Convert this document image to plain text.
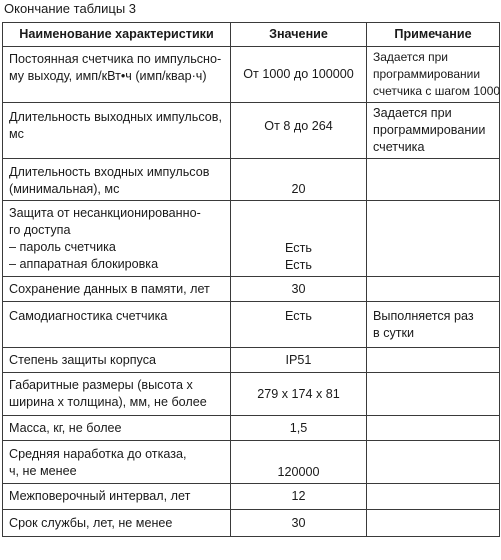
Окончание таблицы 3
Наименование характеристики	Значение	Примечание

Постоянная счетчика по импульсно-
му выходу, имп/кВт•ч (имп/квар·ч)	От 1000 до 100000	Задается при
программировании
счетчика с шагом 1000

Длительность выходных импульсов,
мс	От 8 до 264	Задается при
программировании
счетчика

Длительность входных импульсов
(минимальная), мс	20	

Защита от несанкционированно-
го доступа
– пароль счетчика
– аппаратная блокировка	Есть
Есть	

Сохранение данных в памяти, лет	30	

Самодиагностика счетчика	Есть	Выполняется раз
в сутки

Степень защиты корпуса	IP51	

Габаритные размеры (высота х
ширина х толщина), мм, не более	279 х 174 х 81	

Масса, кг, не более	1,5	

Средняя наработка до отказа,
ч, не менее	120000	

Межповерочный интервал, лет	12	

Срок службы, лет, не менее	30	
